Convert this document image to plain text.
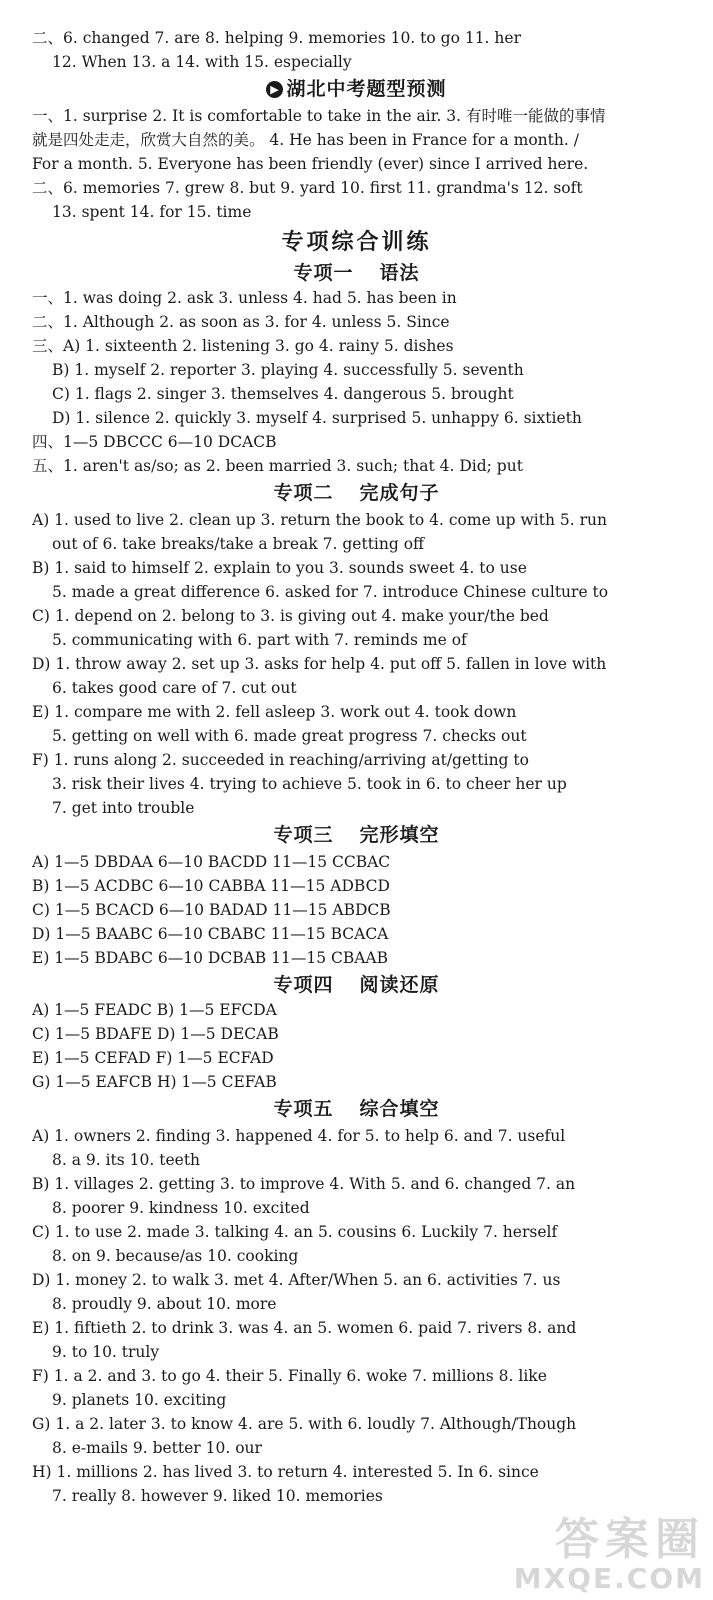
二、6. changed 7. are 8. helping 9. memories 10. to go 11. her
12. When 13. a 14. with 15. especially
▶ 湖北中考题型预测
一、1. surprise 2. It is comfortable to take in the air. 3. 有时唯一能做的事情
就是四处走走，欣赏大自然的美。 4. He has been in France for a month. /
For a month. 5. Everyone has been friendly (ever) since I arrived here.
二、6. memories 7. grew 8. but 9. yard 10. first 11. grandma's 12. soft
13. spent 14. for 15. time
专项综合训练
专项一 语法
一、1. was doing 2. ask 3. unless 4. had 5. has been in
二、1. Although 2. as soon as 3. for 4. unless 5. Since
三、A) 1. sixteenth 2. listening 3. go 4. rainy 5. dishes
B) 1. myself 2. reporter 3. playing 4. successfully 5. seventh
C) 1. flags 2. singer 3. themselves 4. dangerous 5. brought
D) 1. silence 2. quickly 3. myself 4. surprised 5. unhappy 6. sixtieth
四、1—5 DBCCC 6—10 DCACB
五、1. aren't as/so; as 2. been married 3. such; that 4. Did; put
专项二 完成句子
A) 1. used to live 2. clean up 3. return the book to 4. come up with 5. run
out of 6. take breaks/take a break 7. getting off
B) 1. said to himself 2. explain to you 3. sounds sweet 4. to use
5. made a great difference 6. asked for 7. introduce Chinese culture to
C) 1. depend on 2. belong to 3. is giving out 4. make your/the bed
5. communicating with 6. part with 7. reminds me of
D) 1. throw away 2. set up 3. asks for help 4. put off 5. fallen in love with
6. takes good care of 7. cut out
E) 1. compare me with 2. fell asleep 3. work out 4. took down
5. getting on well with 6. made great progress 7. checks out
F) 1. runs along 2. succeeded in reaching/arriving at/getting to
3. risk their lives 4. trying to achieve 5. took in 6. to cheer her up
7. get into trouble
专项三 完形填空
A) 1—5 DBDAA 6—10 BACDD 11—15 CCBAC
B) 1—5 ACDBC 6—10 CABBA 11—15 ADBCD
C) 1—5 BCACD 6—10 BADAD 11—15 ABDCB
D) 1—5 BAABC 6—10 CBABC 11—15 BCACA
E) 1—5 BDABC 6—10 DCBAB 11—15 CBAAB
专项四 阅读还原
A) 1—5 FEADC B) 1—5 EFCDA
C) 1—5 BDAFE D) 1—5 DECAB
E) 1—5 CEFAD F) 1—5 ECFAD
G) 1—5 EAFCB H) 1—5 CEFAB
专项五 综合填空
A) 1. owners 2. finding 3. happened 4. for 5. to help 6. and 7. useful
8. a 9. its 10. teeth
B) 1. villages 2. getting 3. to improve 4. With 5. and 6. changed 7. an
8. poorer 9. kindness 10. excited
C) 1. to use 2. made 3. talking 4. an 5. cousins 6. Luckily 7. herself
8. on 9. because/as 10. cooking
D) 1. money 2. to walk 3. met 4. After/When 5. an 6. activities 7. us
8. proudly 9. about 10. more
E) 1. fiftieth 2. to drink 3. was 4. an 5. women 6. paid 7. rivers 8. and
9. to 10. truly
F) 1. a 2. and 3. to go 4. their 5. Finally 6. woke 7. millions 8. like
9. planets 10. exciting
G) 1. a 2. later 3. to know 4. are 5. with 6. loudly 7. Although/Though
8. e-mails 9. better 10. our
H) 1. millions 2. has lived 3. to return 4. interested 5. In 6. since
7. really 8. however 9. liked 10. memories
答案圈
MXQE.COM
